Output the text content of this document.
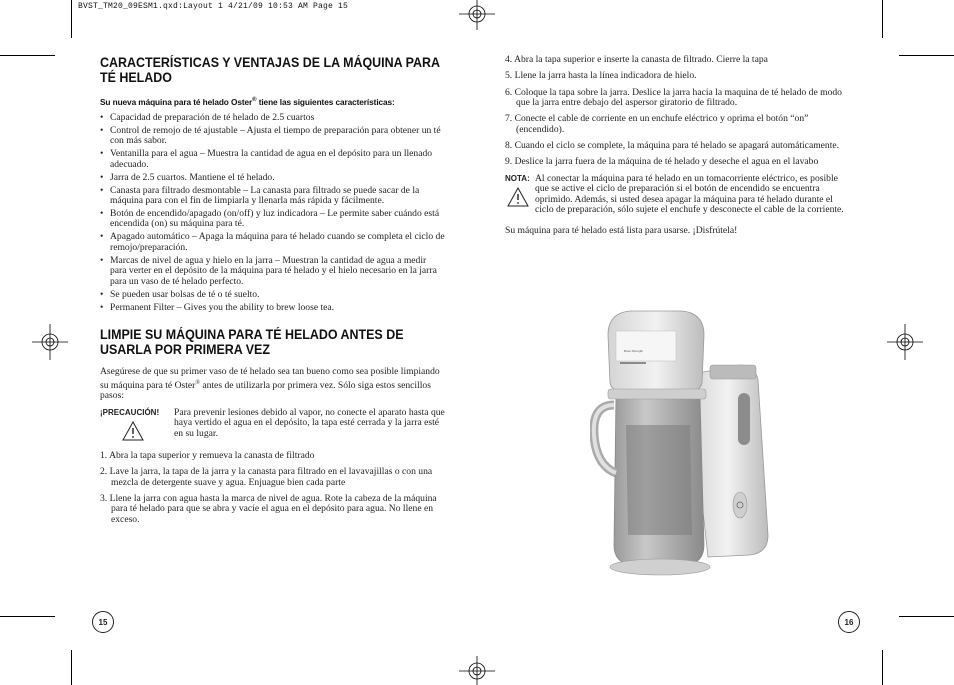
BVST_TM20_09ESM1.qxd:Layout 1 4/21/09 10:53 AM Page 15
CARACTERÍSTICAS Y VENTAJAS DE LA MÁQUINA PARA TÉ HELADO
Su nueva máquina para té helado Oster® tiene las siguientes características:
• Capacidad de preparación de té helado de 2.5 cuartos
• Control de remojo de té ajustable – Ajusta el tiempo de preparación para obtener un té con más sabor.
• Ventanilla para el agua – Muestra la cantidad de agua en el depósito para un llenado adecuado.
• Jarra de 2.5 cuartos. Mantiene el té helado.
• Canasta para filtrado desmontable – La canasta para filtrado se puede sacar de la máquina para con el fin de limpiarla y llenarla más rápida y fácilmente.
• Botón de encendido/apagado (on/off) y luz indicadora – Le permite saber cuándo está encendida (on) su máquina para té.
• Apagado automático – Apaga la máquina para té helado cuando se completa el ciclo de remojo/preparación.
• Marcas de nivel de agua y hielo en la jarra – Muestran la cantidad de agua a medir para verter en el depósito de la máquina para té helado y el hielo necesario en la jarra para un vaso de té helado perfecto.
• Se pueden usar bolsas de té o té suelto.
• Permanent Filter – Gives you the ability to brew loose tea.
LIMPIE SU MÁQUINA PARA TÉ HELADO ANTES DE USARLA POR PRIMERA VEZ

Asegúrese de que su primer vaso de té helado sea tan bueno como sea posible limpiando su máquina para té Oster® antes de utilizarla por primera vez. Sólo siga estos sencillos pasos:

¡PRECAUCIÓN!	Para prevenir lesiones debido al vapor, no conecte el aparato hasta que haya vertido el agua en el depósito, la tapa esté cerrada y la jarra esté en su lugar.
1. Abra la tapa superior y remueva la canasta de filtrado
2. Lave la jarra, la tapa de la jarra y la canasta para filtrado en el lavavajillas o con una mezcla de detergente suave y agua. Enjuague bien cada parte
3. Llene la jarra con agua hasta la marca de nivel de agua. Rote la cabeza de la máquina para té helado para que se abra y vacíe el agua en el depósito para agua. No llene en exceso.
15
4. Abra la tapa superior e inserte la canasta de filtrado. Cierre la tapa
5. Llene la jarra hasta la línea indicadora de hielo.
6. Coloque la tapa sobre la jarra. Deslice la jarra hacia la maquina de té helado de modo que la jarra entre debajo del aspersor giratorio de filtrado.
7. Conecte el cable de corriente en un enchufe eléctrico y oprima el botón “on” (encendido).
8. Cuando el ciclo se complete, la máquina para té helado se apagará automáticamente.
9. Deslice la jarra fuera de la máquina de té helado y deseche el agua en el lavabo
NOTA: Al conectar la máquina para té helado en un tomacorriente eléctrico, es posible que se active el ciclo de preparación si el botón de encendido se encuentra oprimido. Además, si usted desea apagar la máquina para té helado durante el ciclo de preparación, sólo sujete el enchufe y desconecte el cable de la corriente.

Su máquina para té helado está lista para usarse. ¡Disfrútela!

Brew Strength
16
